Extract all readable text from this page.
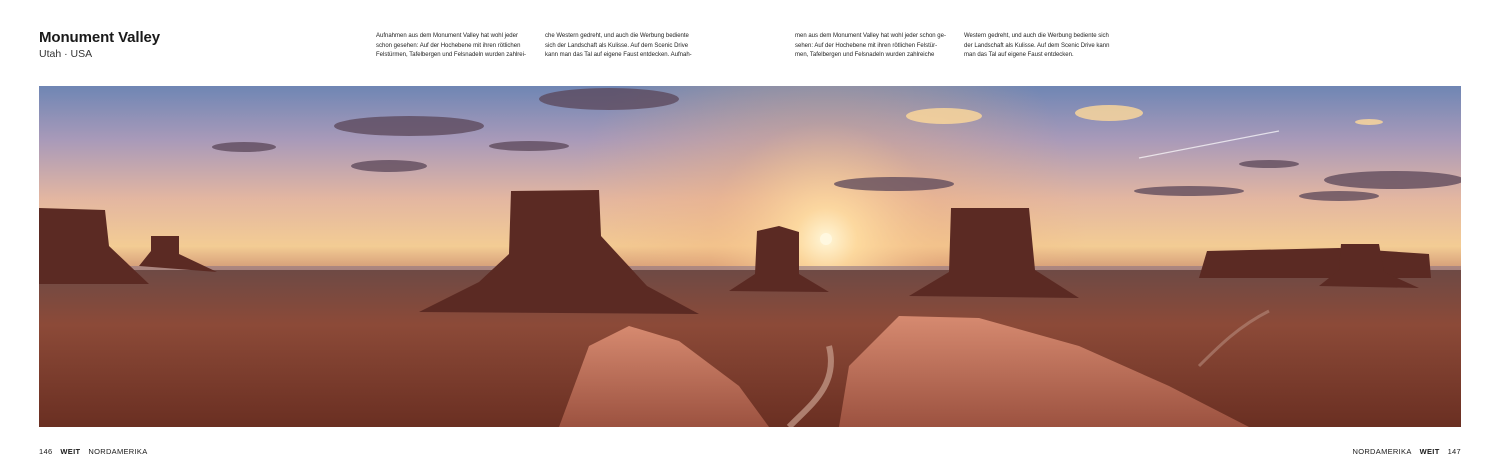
Monument Valley
Utah · USA
Aufnahmen aus dem Monument Valley hat wohl jeder
schon gesehen: Auf der Hochebene mit ihren rötlichen
Felstürmen, Tafelbergen und Felsnadeln wurden zahlrei-
che Western gedreht, und auch die Werbung bediente
sich der Landschaft als Kulisse. Auf dem Scenic Drive
kann man das Tal auf eigene Faust entdecken. Aufnah-
men aus dem Monument Valley hat wohl jeder schon ge-
sehen: Auf der Hochebene mit ihren rötlichen Felstür-
men, Tafelbergen und Felsnadeln wurden zahlreiche
Western gedreht, und auch die Werbung bediente sich
der Landschaft als Kulisse. Auf dem Scenic Drive kann
man das Tal auf eigene Faust entdecken.
146 WEIT NORDAMERIKA	NORDAMERIKA WEIT 147
